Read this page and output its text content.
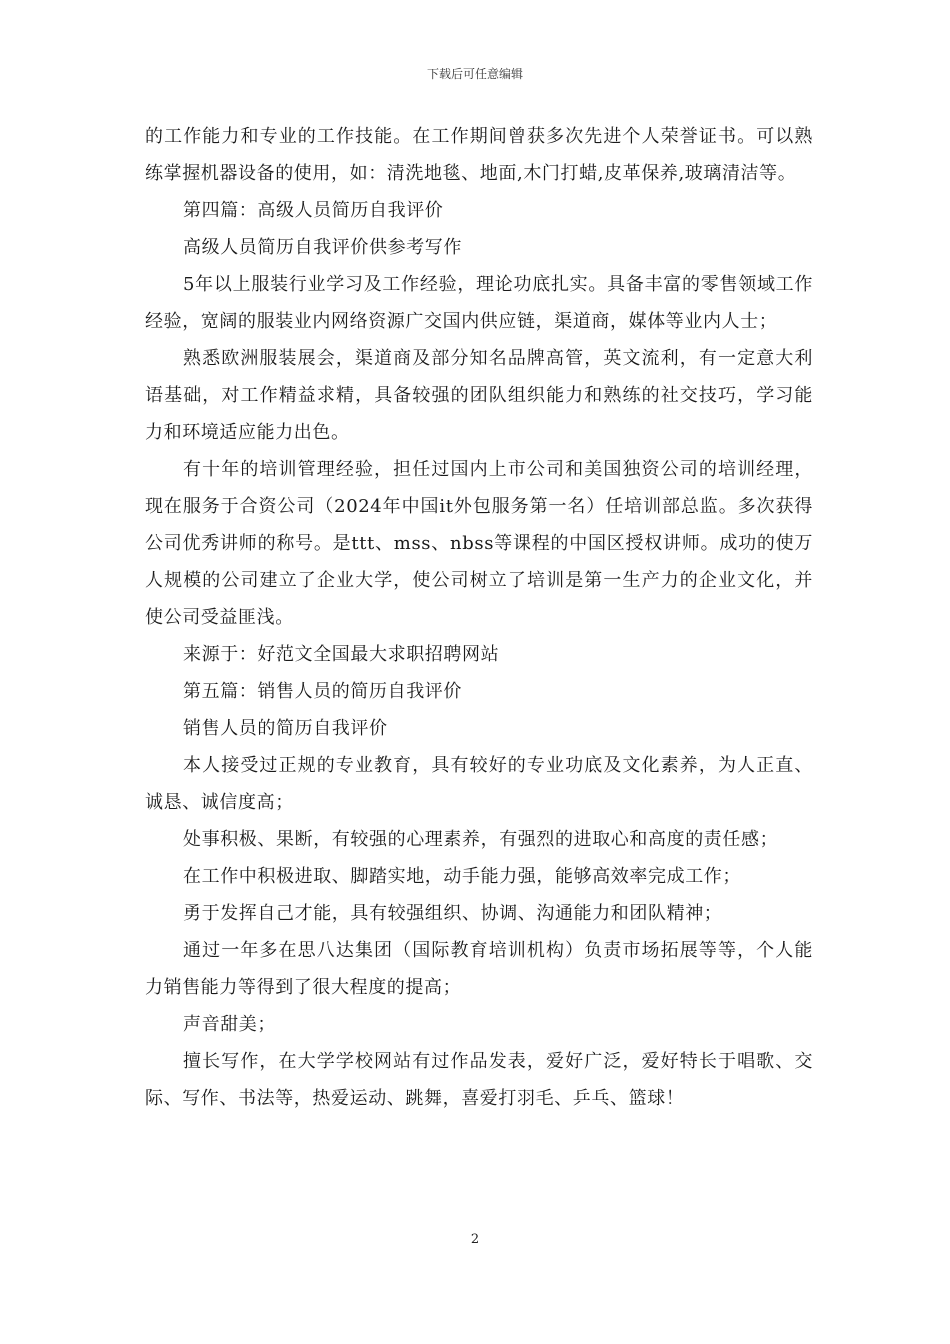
下载后可任意编辑

的工作能力和专业的工作技能。在工作期间曾获多次先进个人荣誉证书。可以熟练掌握机器设备的使用，如：清洗地毯、地面,木门打蜡,皮革保养,玻璃清洁等。

第四篇：高级人员简历自我评价

高级人员简历自我评价供参考写作

5年以上服装行业学习及工作经验，理论功底扎实。具备丰富的零售领域工作经验，宽阔的服装业内网络资源广交国内供应链，渠道商，媒体等业内人士；

熟悉欧洲服装展会，渠道商及部分知名品牌高管，英文流利，有一定意大利语基础，对工作精益求精，具备较强的团队组织能力和熟练的社交技巧，学习能力和环境适应能力出色。

有十年的培训管理经验，担任过国内上市公司和美国独资公司的培训经理，现在服务于合资公司（2024年中国it外包服务第一名）任培训部总监。多次获得公司优秀讲师的称号。是ttt、mss、nbss等课程的中国区授权讲师。成功的使万人规模的公司建立了企业大学，使公司树立了培训是第一生产力的企业文化，并使公司受益匪浅。

来源于：好范文全国最大求职招聘网站

第五篇：销售人员的简历自我评价

销售人员的简历自我评价

本人接受过正规的专业教育，具有较好的专业功底及文化素养，为人正直、诚恳、诚信度高；

处事积极、果断，有较强的心理素养，有强烈的进取心和高度的责任感；

在工作中积极进取、脚踏实地，动手能力强，能够高效率完成工作；

勇于发挥自己才能，具有较强组织、协调、沟通能力和团队精神；

通过一年多在思八达集团（国际教育培训机构）负责市场拓展等等，个人能力销售能力等得到了很大程度的提高；

声音甜美；

擅长写作，在大学学校网站有过作品发表，爱好广泛，爱好特长于唱歌、交际、写作、书法等，热爱运动、跳舞，喜爱打羽毛、乒乓、篮球！

2
